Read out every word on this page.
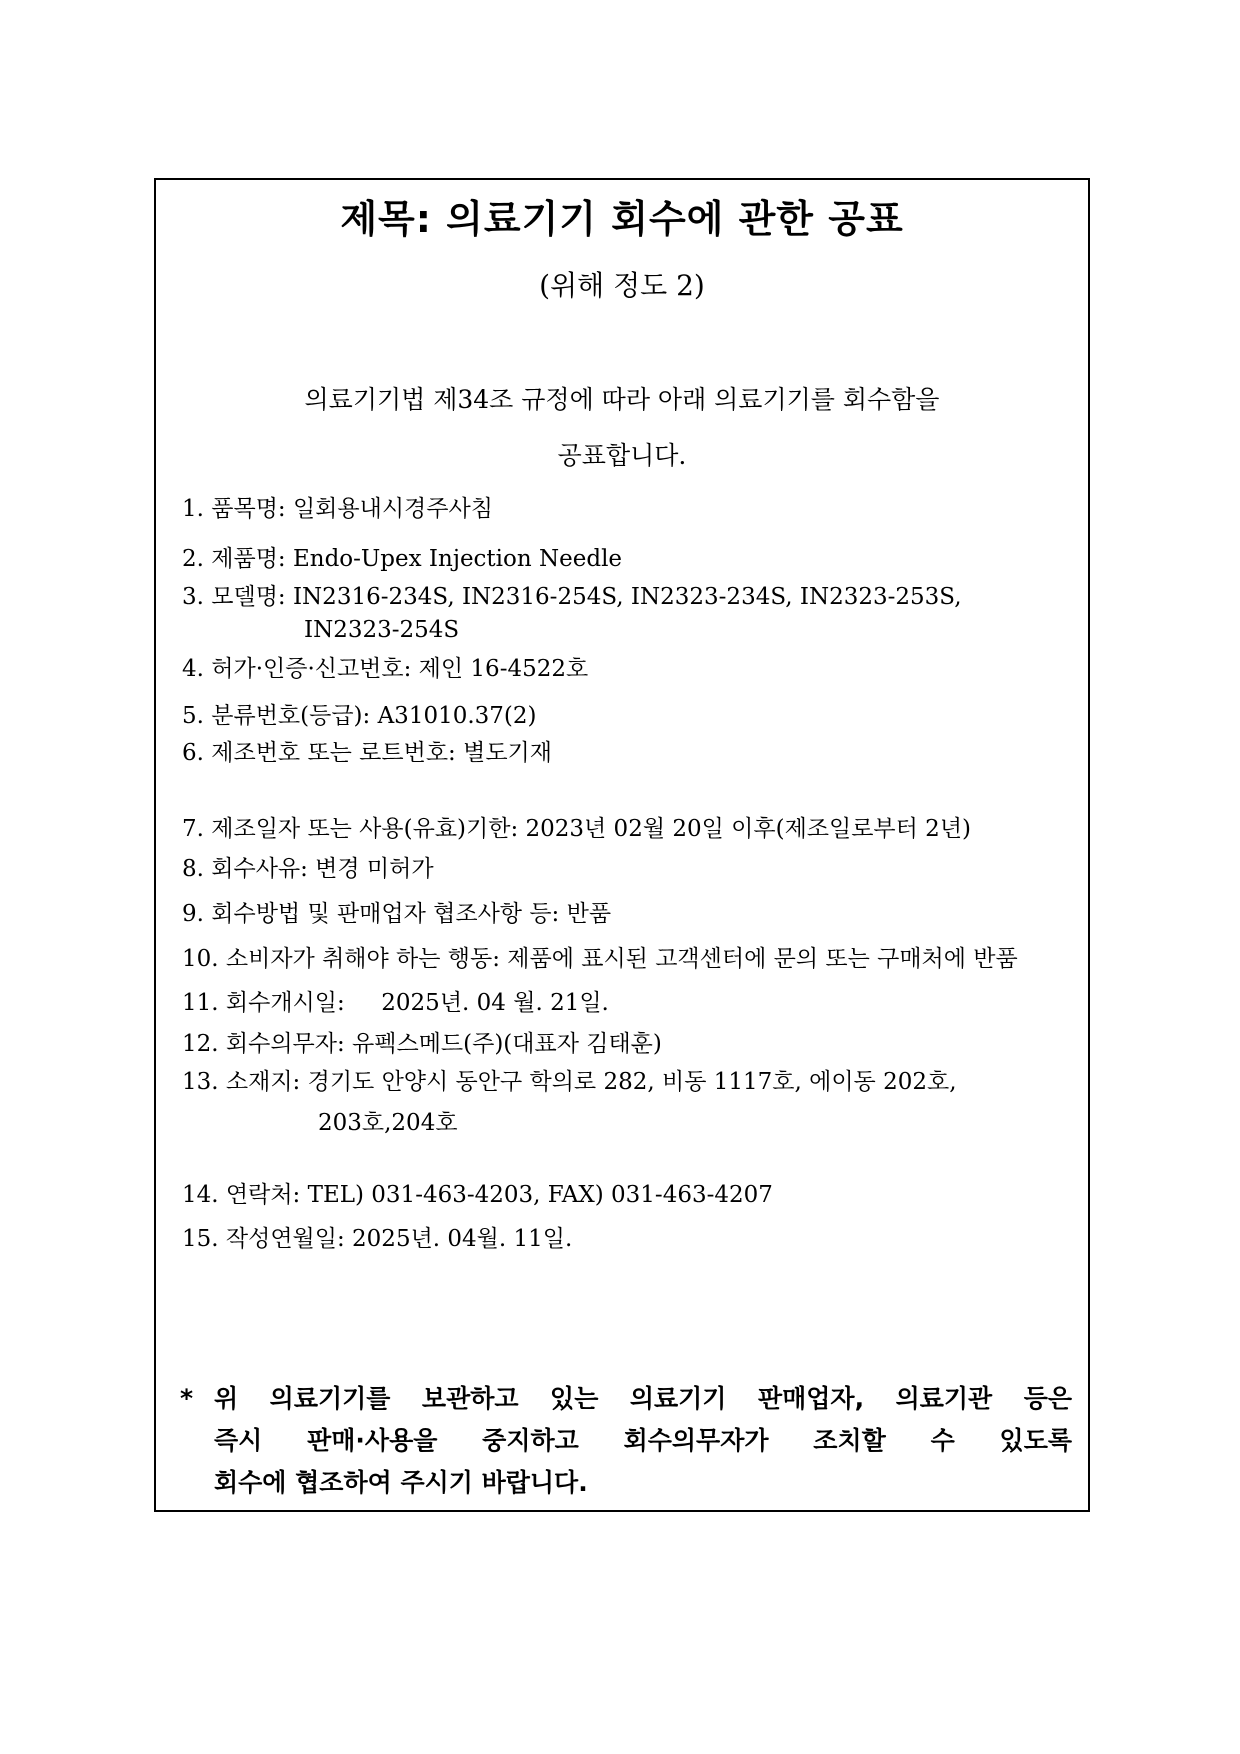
제목: 의료기기 회수에 관한 공표
(위해 정도 2)
의료기기법 제34조 규정에 따라 아래 의료기기를 회수함을
공표합니다.
1. 품목명: 일회용내시경주사침
2. 제품명: Endo-Upex Injection Needle
3. 모델명: IN2316-234S, IN2316-254S, IN2323-234S, IN2323-253S,
IN2323-254S
4. 허가·인증·신고번호: 제인 16-4522호
5. 분류번호(등급): A31010.37(2)
6. 제조번호 또는 로트번호: 별도기재
7. 제조일자 또는 사용(유효)기한: 2023년 02월 20일 이후(제조일로부터 2년)
8. 회수사유: 변경 미허가
9. 회수방법 및 판매업자 협조사항 등: 반품
10. 소비자가 취해야 하는 행동: 제품에 표시된 고객센터에 문의 또는 구매처에 반품
11. 회수개시일:     2025년. 04 월. 21일.
12. 회수의무자: 유펙스메드(주)(대표자 김태훈)
13. 소재지: 경기도 안양시 동안구 학의로 282, 비동 1117호, 에이동 202호,
203호,204호
14. 연락처: TEL) 031-463-4203, FAX) 031-463-4207
15. 작성연월일: 2025년. 04월. 11일.
* 위 의료기기를 보관하고 있는 의료기기 판매업자, 의료기관 등은
즉시 판매·사용을 중지하고 회수의무자가 조치할 수 있도록
회수에 협조하여 주시기 바랍니다.
